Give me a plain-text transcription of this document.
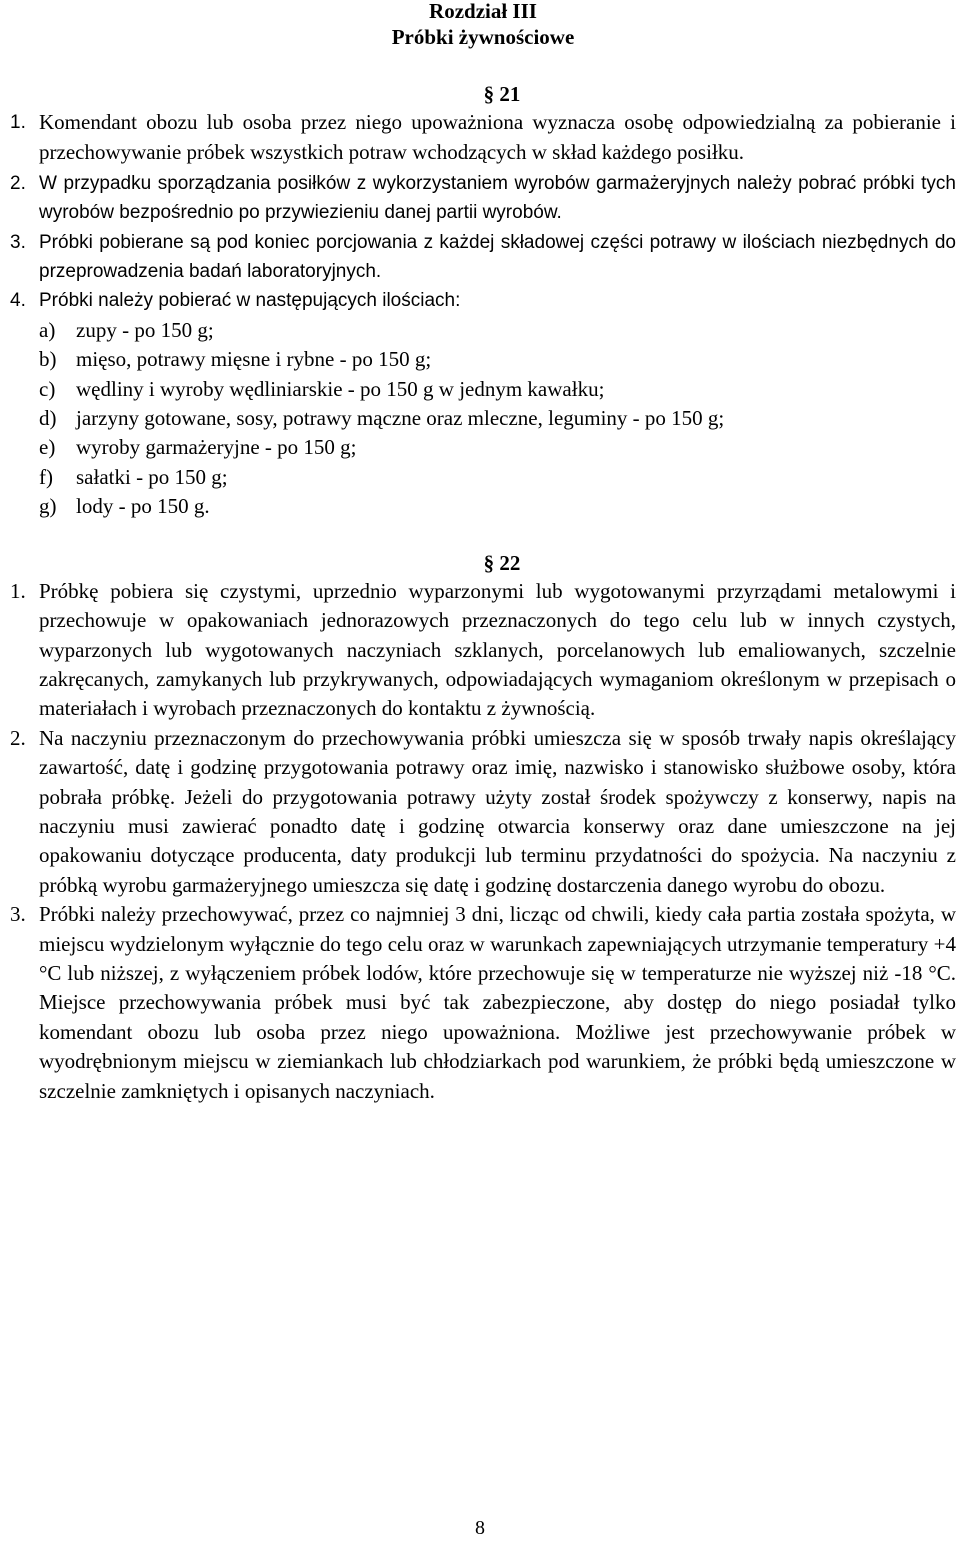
Rozdział III
Próbki żywnościowe
§ 21
1. Komendant obozu lub osoba przez niego upoważniona wyznacza osobę odpowiedzialną za pobieranie i przechowywanie próbek wszystkich potraw wchodzących w skład każdego posiłku.
2. W przypadku sporządzania posiłków z wykorzystaniem wyrobów garmażeryjnych należy pobrać próbki tych wyrobów bezpośrednio po przywiezieniu danej partii wyrobów.
3. Próbki pobierane są pod koniec porcjowania z każdej składowej części potrawy w ilościach niezbędnych do przeprowadzenia badań laboratoryjnych.
4. Próbki należy pobierać w następujących ilościach:
a) zupy - po 150 g;
b) mięso, potrawy mięsne i rybne - po 150 g;
c) wędliny i wyroby wędliniarskie - po 150 g w jednym kawałku;
d) jarzyny gotowane, sosy, potrawy mączne oraz mleczne, leguminy - po 150 g;
e) wyroby garmażeryjne - po 150 g;
f) sałatki - po 150 g;
g) lody - po 150 g.
§ 22
1. Próbkę pobiera się czystymi, uprzednio wyparzonymi lub wygotowanymi przyrządami metalowymi i przechowuje w opakowaniach jednorazowych przeznaczonych do tego celu lub w innych czystych, wyparzonych lub wygotowanych naczyniach szklanych, porcelanowych lub emaliowanych, szczelnie zakręcanych, zamykanych lub przykrywanych, odpowiadających wymaganiom określonym w przepisach o materiałach i wyrobach przeznaczonych do kontaktu z żywnością.
2. Na naczyniu przeznaczonym do przechowywania próbki umieszcza się w sposób trwały napis określający zawartość, datę i godzinę przygotowania potrawy oraz imię, nazwisko i stanowisko służbowe osoby, która pobrała próbkę. Jeżeli do przygotowania potrawy użyty został środek spożywczy z konserwy, napis na naczyniu musi zawierać ponadto datę i godzinę otwarcia konserwy oraz dane umieszczone na jej opakowaniu dotyczące producenta, daty produkcji lub terminu przydatności do spożycia. Na naczyniu z próbką wyrobu garmażeryjnego umieszcza się datę i godzinę dostarczenia danego wyrobu do obozu.
3. Próbki należy przechowywać, przez co najmniej 3 dni, licząc od chwili, kiedy cała partia została spożyta, w miejscu wydzielonym wyłącznie do tego celu oraz w warunkach zapewniających utrzymanie temperatury +4 °C lub niższej, z wyłączeniem próbek lodów, które przechowuje się w temperaturze nie wyższej niż -18 °C. Miejsce przechowywania próbek musi być tak zabezpieczone, aby dostęp do niego posiadał tylko komendant obozu lub osoba przez niego upoważniona. Możliwe jest przechowywanie próbek w wyodrębnionym miejscu w ziemiankach lub chłodziarkach pod warunkiem, że próbki będą umieszczone w szczelnie zamkniętych i opisanych naczyniach.
8
